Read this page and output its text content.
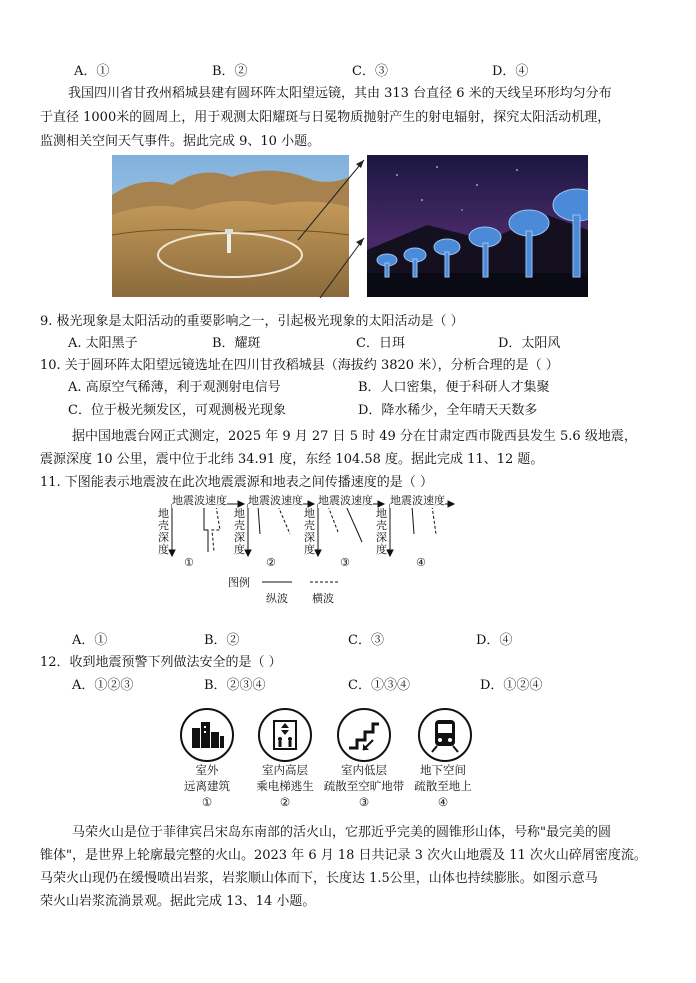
A．①	B．②	C．③	D．④
我国四川省甘孜州稻城县建有圆环阵太阳望远镜，其由 313 台直径 6 米的天线呈环形均匀分布
于直径 1000米的圆周上，用于观测太阳耀斑与日冕物质抛射产生的射电辐射，探究太阳活动机理，
监测相关空间天气事件。据此完成 9、10 小题。
9. 极光现象是太阳活动的重要影响之一，引起极光现象的太阳活动是（ ）
A. 太阳黑子	B．耀斑	C．日珥	D．太阳风
10. 关于圆环阵太阳望远镜选址在四川甘孜稻城县（海拔约 3820 米），分析合理的是（ ）
A. 高原空气稀薄，利于观测射电信号	B．人口密集，便于科研人才集聚
C．位于极光频发区，可观测极光现象	D．降水稀少，全年晴天天数多
据中国地震台网正式测定，2025 年 9 月 27 日 5 时 49 分在甘肃定西市陇西县发生 5.6 级地震，
震源深度 10 公里，震中位于北纬 34.91 度，东经 104.58 度。据此完成 11、12 题。
11. 下图能表示地震波在此次地震震源和地表之间传播速度的是（ ）
地震波速度 地震波速度 地震波速度 地震波速度
地壳深度
地壳深度
地壳深度
地壳深度
①	②	③	④
图例
纵波 横波
A．①	B．②	C．③	D．④
12．收到地震预警下列做法安全的是（ ）
A．①②③	B．②③④	C．①③④	D．①②④
室外
远离建筑
①
室内高层
乘电梯逃生
②
室内低层
疏散至空旷地带
③
地下空间
疏散至地上
④
马荣火山是位于菲律宾吕宋岛东南部的活火山，它那近乎完美的圆锥形山体，号称"最完美的圆
锥体"，是世界上轮廓最完整的火山。2023 年 6 月 18 日共记录 3 次火山地震及 11 次火山碎屑密度流。
马荣火山现仍在缓慢喷出岩浆，岩浆顺山体而下，长度达 1.5公里，山体也持续膨胀。如图示意马
荣火山岩浆流淌景观。据此完成 13、14 小题。
